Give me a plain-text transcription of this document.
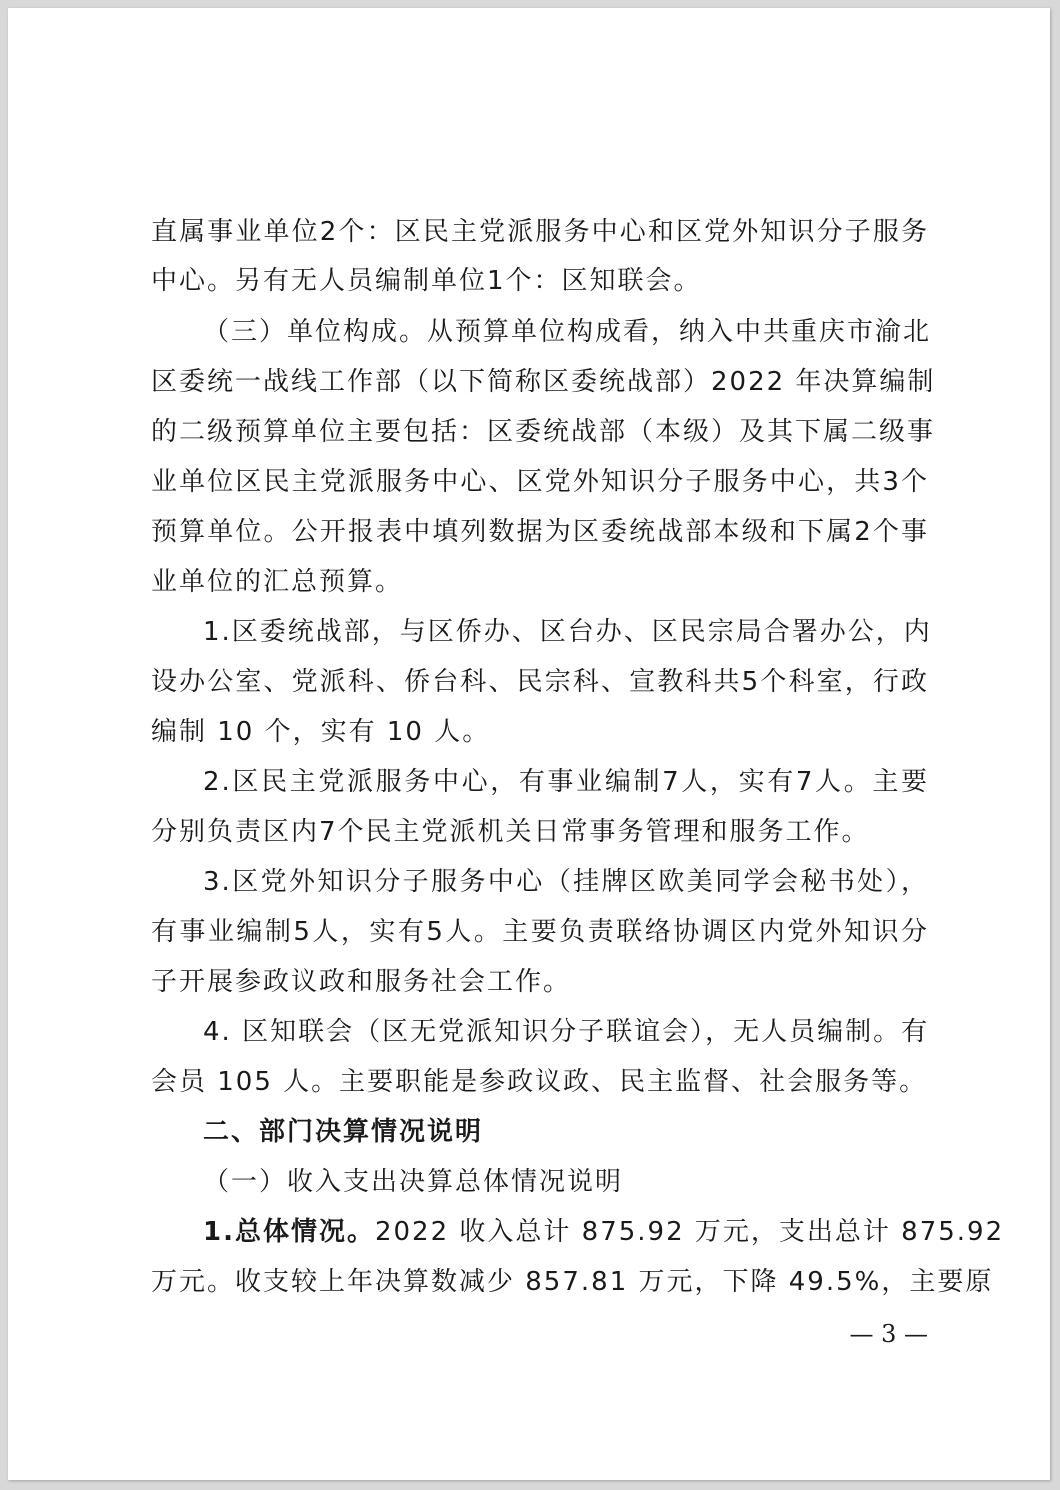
直属事业单位2个：区民主党派服务中心和区党外知识分子服务
中心。另有无人员编制单位1个：区知联会。
（三）单位构成。从预算单位构成看，纳入中共重庆市渝北
区委统一战线工作部（以下简称区委统战部）2022 年决算编制
的二级预算单位主要包括：区委统战部（本级）及其下属二级事
业单位区民主党派服务中心、区党外知识分子服务中心，共3个
预算单位。公开报表中填列数据为区委统战部本级和下属2个事
业单位的汇总预算。
1.区委统战部，与区侨办、区台办、区民宗局合署办公，内
设办公室、党派科、侨台科、民宗科、宣教科共5个科室，行政
编制 10 个，实有 10 人。
2.区民主党派服务中心，有事业编制7人，实有7人。主要
分别负责区内7个民主党派机关日常事务管理和服务工作。
3.区党外知识分子服务中心（挂牌区欧美同学会秘书处），
有事业编制5人，实有5人。主要负责联络协调区内党外知识分
子开展参政议政和服务社会工作。
4. 区知联会（区无党派知识分子联谊会），无人员编制。有
会员 105 人。主要职能是参政议政、民主监督、社会服务等。
二、部门决算情况说明
（一）收入支出决算总体情况说明
1.总体情况。 2022 收入总计 875.92 万元，支出总计 875.92
万元。收支较上年决算数减少 857.81 万元，下降 49.5%，主要原
— 3 —
